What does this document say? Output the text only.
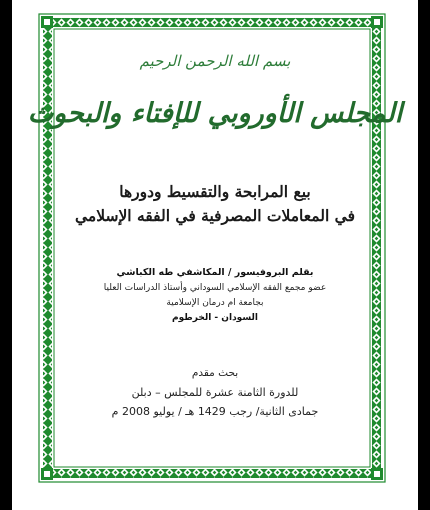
بسم الله الرحمن الرحيم
المجلس الأوروبي للإفتاء والبحوث
بيع المرابحة والتقسيط ودورها
في المعاملات المصرفية في الفقه الإسلامي
بقلم البروفيسور / المكاشفي طه الكباشي
عضو مجمع الفقه الإسلامي السوداني وأستاذ الدراسات العليا
بجامعة ام درمان الإسلامية
السودان - الخرطوم
بحث مقدم
للدورة الثامنة عشرة للمجلس – دبلن
جمادى الثانية/ رجب 1429 هـ / يوليو 2008 م
